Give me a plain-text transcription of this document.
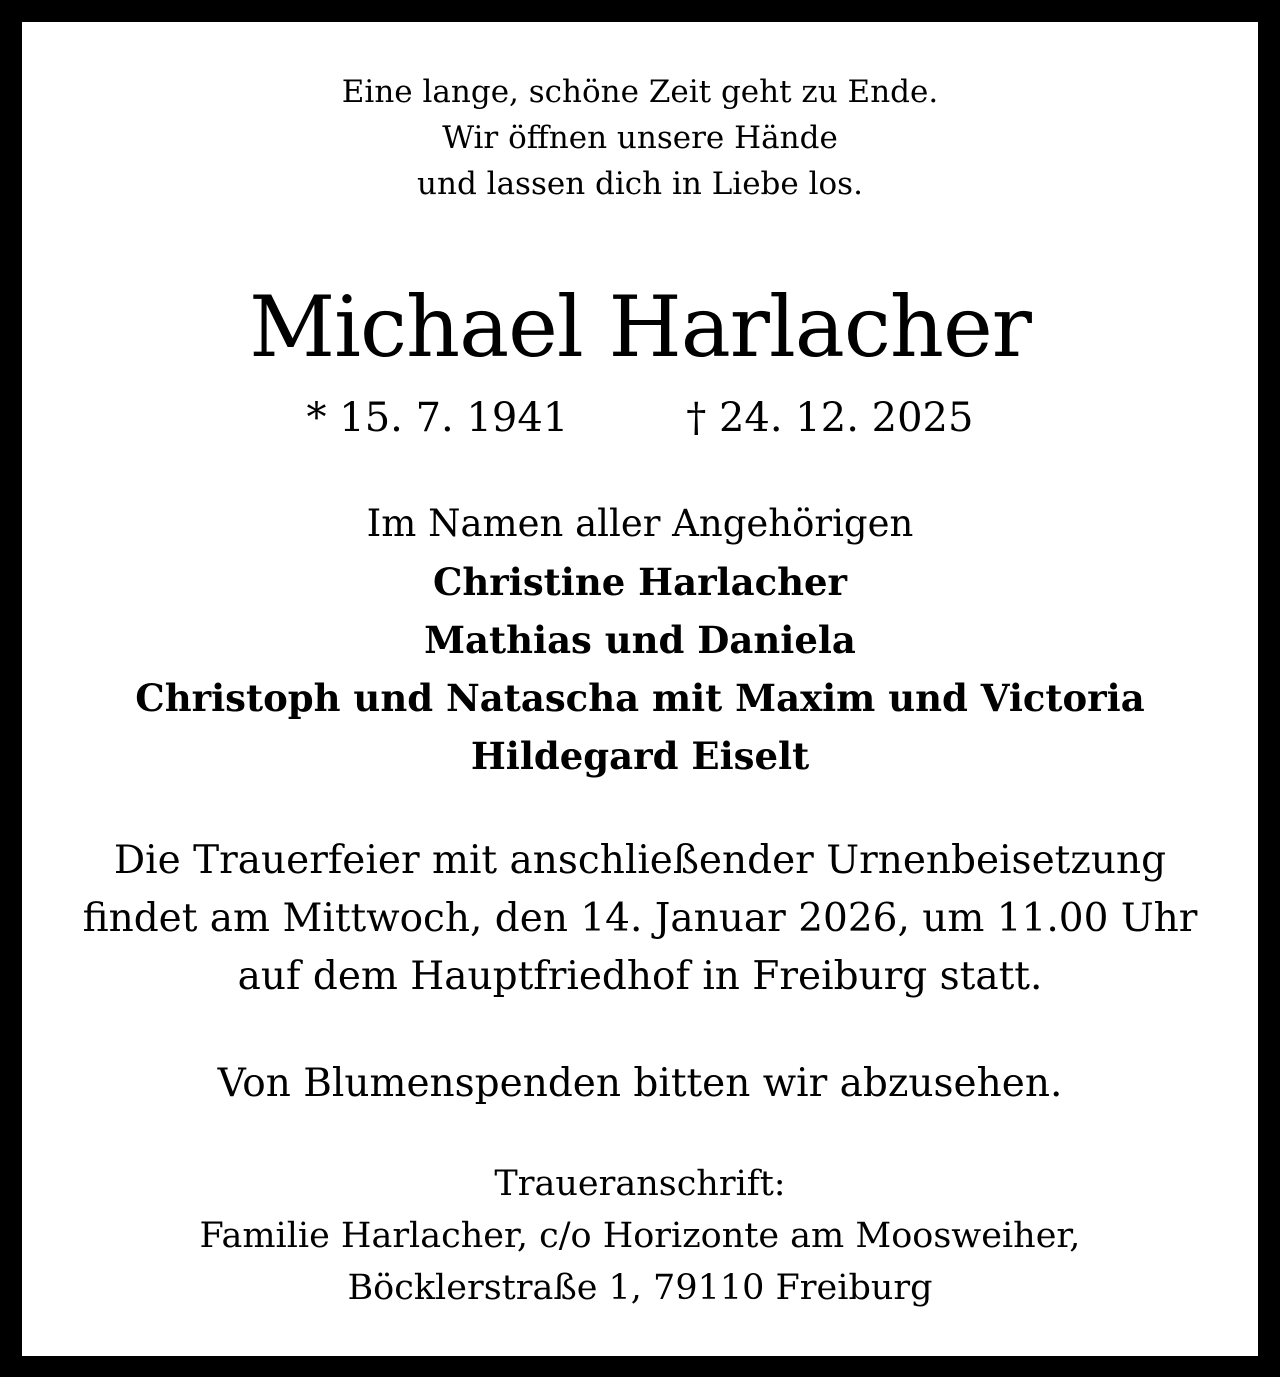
Eine lange, schöne Zeit geht zu Ende.
Wir öffnen unsere Hände
und lassen dich in Liebe los.
Michael Harlacher
* 15. 7. 1941	† 24. 12. 2025
Im Namen aller Angehörigen
Christine Harlacher
Mathias und Daniela
Christoph und Natascha mit Maxim und Victoria
Hildegard Eiselt
Die Trauerfeier mit anschließender Urnenbeisetzung
findet am Mittwoch, den 14. Januar 2026, um 11.00 Uhr
auf dem Hauptfriedhof in Freiburg statt.
Von Blumenspenden bitten wir abzusehen.
Traueranschrift:
Familie Harlacher, c/o Horizonte am Moosweiher,
Böcklerstraße 1, 79110 Freiburg
